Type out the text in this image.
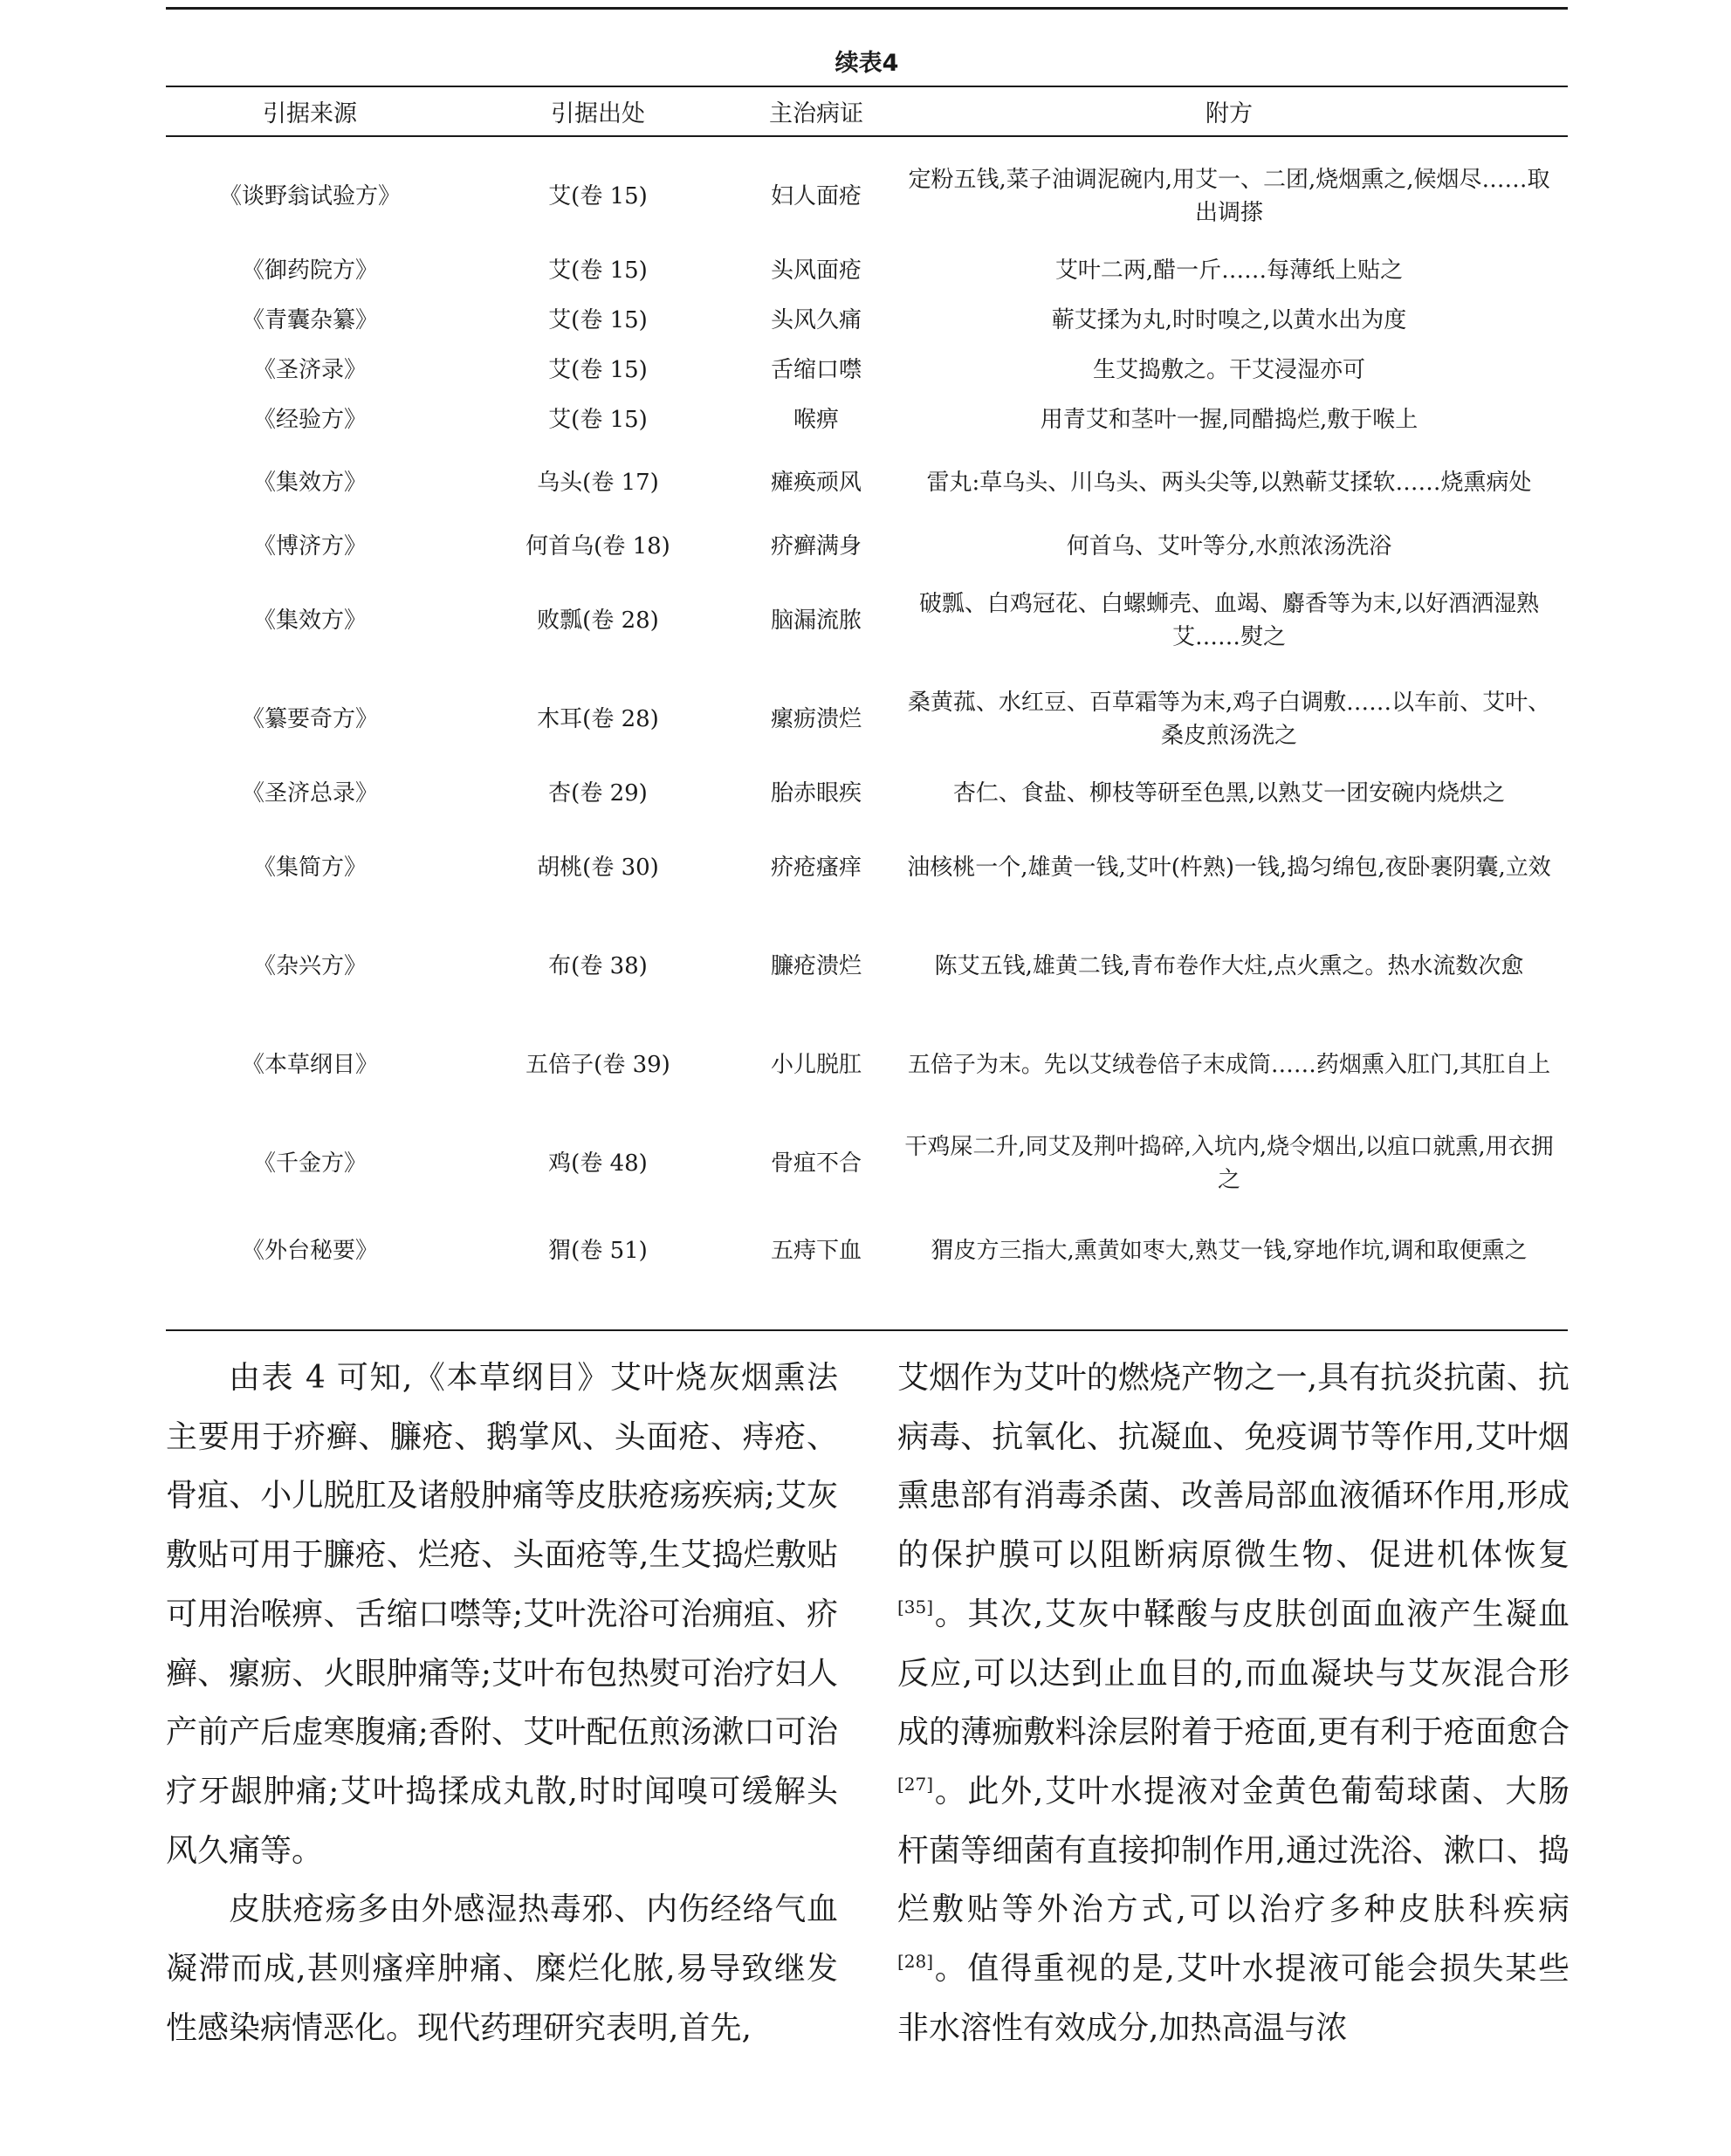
续表4
引据来源	引据出处	主治病证	附方
《谈野翁试验方》	艾(卷 15)	妇人面疮	定粉五钱,菜子油调泥碗内,用艾一、二团,烧烟熏之,候烟尽……取出调搽
《御药院方》	艾(卷 15)	头风面疮	艾叶二两,醋一斤……每薄纸上贴之
《青囊杂纂》	艾(卷 15)	头风久痛	蕲艾揉为丸,时时嗅之,以黄水出为度
《圣济录》	艾(卷 15)	舌缩口噤	生艾捣敷之。干艾浸湿亦可
《经验方》	艾(卷 15)	喉痹	用青艾和茎叶一握,同醋捣烂,敷于喉上
《集效方》	乌头(卷 17)	瘫痪顽风	雷丸:草乌头、川乌头、两头尖等,以熟蕲艾揉软……烧熏病处
《博济方》	何首乌(卷 18)	疥癣满身	何首乌、艾叶等分,水煎浓汤洗浴
《集效方》	败瓢(卷 28)	脑漏流脓	破瓢、白鸡冠花、白螺蛳壳、血竭、麝香等为末,以好酒洒湿熟艾……熨之
《纂要奇方》	木耳(卷 28)	瘰疬溃烂	桑黄菰、水红豆、百草霜等为末,鸡子白调敷……以车前、艾叶、桑皮煎汤洗之
《圣济总录》	杏(卷 29)	胎赤眼疾	杏仁、食盐、柳枝等研至色黑,以熟艾一团安碗内烧烘之
《集简方》	胡桃(卷 30)	疥疮瘙痒	油核桃一个,雄黄一钱,艾叶(杵熟)一钱,捣匀绵包,夜卧裹阴囊,立效
《杂兴方》	布(卷 38)	臁疮溃烂	陈艾五钱,雄黄二钱,青布卷作大炷,点火熏之。热水流数次愈
《本草纲目》	五倍子(卷 39)	小儿脱肛	五倍子为末。先以艾绒卷倍子末成筒……药烟熏入肛门,其肛自上
《千金方》	鸡(卷 48)	骨疽不合	干鸡屎二升,同艾及荆叶捣碎,入坑内,烧令烟出,以疽口就熏,用衣拥之
《外台秘要》	猬(卷 51)	五痔下血	猬皮方三指大,熏黄如枣大,熟艾一钱,穿地作坑,调和取便熏之

由表 4 可知,《本草纲目》艾叶烧灰烟熏法主要用于疥癣、臁疮、鹅掌风、头面疮、痔疮、骨疽、小儿脱肛及诸般肿痛等皮肤疮疡疾病;艾灰敷贴可用于臁疮、烂疮、头面疮等,生艾捣烂敷贴可用治喉痹、舌缩口噤等;艾叶洗浴可治痈疽、疥癣、瘰疬、火眼肿痛等;艾叶布包热熨可治疗妇人产前产后虚寒腹痛;香附、艾叶配伍煎汤漱口可治疗牙龈肿痛;艾叶捣揉成丸散,时时闻嗅可缓解头风久痛等。

皮肤疮疡多由外感湿热毒邪、内伤经络气血凝滞而成,甚则瘙痒肿痛、糜烂化脓,易导致继发性感染病情恶化。现代药理研究表明,首先,

艾烟作为艾叶的燃烧产物之一,具有抗炎抗菌、抗病毒、抗氧化、抗凝血、免疫调节等作用,艾叶烟熏患部有消毒杀菌、改善局部血液循环作用,形成的保护膜可以阻断病原微生物、促进机体恢复[35]。其次,艾灰中鞣酸与皮肤创面血液产生凝血反应,可以达到止血目的,而血凝块与艾灰混合形成的薄痂敷料涂层附着于疮面,更有利于疮面愈合[27]。此外,艾叶水提液对金黄色葡萄球菌、大肠杆菌等细菌有直接抑制作用,通过洗浴、漱口、捣烂敷贴等外治方式,可以治疗多种皮肤科疾病[28]。值得重视的是,艾叶水提液可能会损失某些非水溶性有效成分,加热高温与浓
